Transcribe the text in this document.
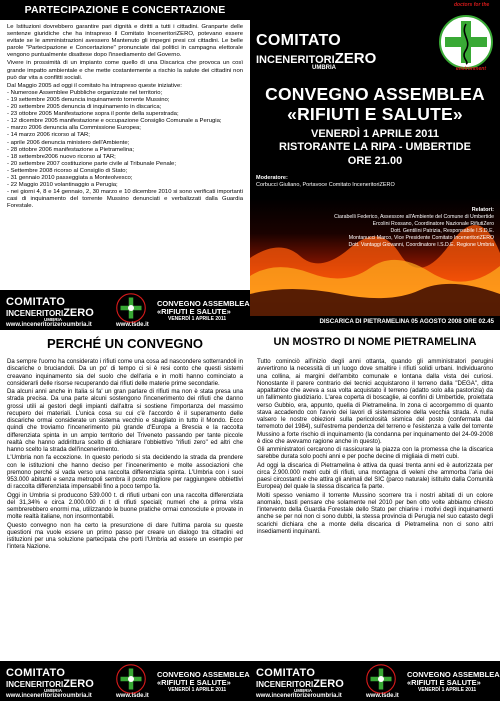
PARTECIPAZIONE E CONCERTAZIONE

Le Istituzioni dovrebbero garantire pari dignità e diritti a tutti i cittadini. Granparte delle sentenze giuridiche che ha intrapreso il Comitato InceneritoriZERO, potevano essere evitate se le amministrazioni avessero Mantenuto gli impegni presi coi cittadini. Le belle parole "Partecipazione e Concertazione" pronunciate dai politici in campagna elettorale vengono puntualmente disattese dopo l'insediamento del Governo.

Vivere in prossimità di un impianto come quello di una Discarica che provoca un così grande impatto ambientale e che mette costantemente a rischio la salute dei cittadini non può dar vita a conflitti sociali.

Dal Maggio 2005 ad oggi il comitato ha intrapreso queste iniziative:

- Numerose Assemblee Pubbliche organizzate nel territorio;
- 19 settembre 2005 denuncia inquinamento torrente Mussino;
- 20 settembre 2005 denuncia di inquinamento in discarica;
- 23 ottobre 2005 Manifestazione sopra il ponte della superstrada;
- 12 dicembre 2005 manifestazione e occupazione Consiglio Comunale a Perugia;
- marzo 2006 denuncia alla Commissione Europea;
- 14 marzo 2006 ricorso al TAR;
- aprile 2006 denuncia ministero dell'Ambiente;
- 28 ottobre 2006 manifestazione a Pietramelina;
- 18 settembre2006 nuovo ricorso al TAR;
- 20 settembre 2007 costituzione parte civile al Tribunale Penale;
- Settembre 2008 ricorso al Consiglio di Stato;
- 31 gennaio 2010 passeggiata a Monteolvesco;
- 22 Maggio 2010 volantinaggio a Perugia;
- nei giorni 4, 8 e 14 gennaio, 2, 30 marzo e 10 dicembre 2010 si sono verificati importanti casi di inquinamento del torrente Mussino denunciati e verbalizzati dalla Guardia Forestale.
COMITATO
INCENERITORIZERO
UMBRIA
www.inceneritorizeroumbria.it	www.isde.it
CONVEGNO ASSEMBLEA
«RIFIUTI E SALUTE»
VENERDÌ 1 APRILE 2011
COMITATO
INCENERITORIZERO
UMBRIA
doctors for the
environment
CONVEGNO ASSEMBLEA
«RIFIUTI E SALUTE»
VENERDÌ 1 APRILE 2011
RISTORANTE LA RIPA - UMBERTIDE
ORE 21.00
Moderatore:
Corbucci Giuliano, Portavoce Comitato InceneritoriZERO
Relatori:
Ciarabelli Federico, Assessore all'Ambiente del Comune di Umbertide
Ercolini Rossano, Coordinatore Nazionale RifiutiZero
Dott. Gentilini Patrizia, Responsabile I.S.D.E.
Montanucci Marco, Vice Presidente Comitato InceneritoriZERO
Dott. Vantaggi Giovanni, Coordinatore I.S.D.E. Regione Umbria
DISCARICA DI PIETRAMELINA 05 AGOSTO 2008 ORE 02.45
PERCHÉ UN CONVEGNO

Da sempre l'uomo ha considerato i rifiuti come una cosa ad nascondere sotterrandoli in discariche o bruciandoli. Da un po' di tempo ci si è resi conto che questi sistemi creavano inquinamento sia del suolo che dell'aria e in molti hanno cominciato a considerarli delle risorse recuperando dai rifiuti delle materie prime secondarie.

Da alcuni anni anche in Italia si fa' un gran parlare di rifiuti ma non è stata presa una strada precisa. Da una parte alcuni sostengono l'incenerimento dei rifiuti che danno grossi utili ai gestori degli impianti dall'altra si sostiene l'importanza del massimo recupero dei materiali. L'unica cosa su cui c'è l'accordo è il superamento delle discariche ormai considerate un sistema vecchio e sbagliato in tutto il Mondo. Ecco quindi che troviamo l'incenerimento più grande d'Europa a Brescia e la raccolta differenziata spinta in un ampio territorio del Triveneto passando per tante piccole realtà che hanno addirittura scelto di dichiarare l'obbiettivo "rifiuti zero" ed altri che hanno scelto la strada dell'incenerimento.

L'Umbria non fa eccezione. In questo periodo si sta decidendo la strada da prendere con le istituzioni che hanno deciso per l'incenerimento e molte associazioni che premono perché si vada verso una raccolta differenziata spinta. L'Umbria con i suoi 953.000 abitanti e senza metropoli sembra il posto migliore per raggiungere obbiettivi di raccolta differenziata impensabili fino a poco tempo fa.

Oggi in Umbria si producono 539.000 t. di rifiuti urbani con una raccolta differenziata del 31,34% e circa 2.000.000 di t di rifiuti speciali; numeri che a prima vista sembrerebbero enormi ma, utilizzando le buone pratiche ormai conosciute e provate in molte realtà italiane, non insormontabili.

Questo convegno non ha certo la presunzione di dare l'ultima parola su queste questioni ma vuole essere un primo passo per creare un dialogo tra cittadini ed istituzioni per una soluzione partecipata che porti l'Umbria ad essere un esempio per l'intera Nazione.

COMITATO
INCENERITORIZERO
UMBRIA
www.inceneritorizeroumbria.it	www.isde.it
CONVEGNO ASSEMBLEA
«RIFIUTI E SALUTE»
VENERDÌ 1 APRILE 2011
UN MOSTRO DI NOME PIETRAMELINA

Tutto cominciò all'inizio degli anni ottanta, quando gli amministratori perugini avvertirono la necessità di un luogo dove smaltire i rifiuti solidi urbani. Individuarono una collina, ai margini dell'ambito comunale e lontana dalla vista dei curiosi. Nonostante il parere contrario dei tecnici acquistarono il terreno dalla "DEGA", ditta appaltatrice che aveva a sua volta acquistato il terreno (adatto solo alla pastorizia) da un fallimento giudiziario. L'area coperta di boscaglie, ai confini di Umbertide, proiettata verso Gubbio, era, appunto, quella di Pietramelina. In zona ci accorgemmo di quanto stava accadendo con l'avvio dei lavori di sistemazione della vecchia strada. A nulla valsero le nostre obiezioni sulla pericolosità sismica del posto (confermata dal terremoto del 1984), sull'estrema pendenza del terreno e l'esistenza a valle del torrente Mussino a forte rischio di inquinamento (la condanna per inquinamento del 24-09-2008 è dice che avevamo ragione anche in questo).

Gli amministratori cercarono di rassicurare la piazza con la promessa che la discarica sarebbe durata solo pochi anni e per poche decine di migliaia di metri cubi.

Ad oggi la discarica di Pietramelina è attiva da quasi trenta anni ed è autorizzata per circa 2.900.000 metri cubi di rifiuti, una montagna di veleni che ammorba l'aria dei paesi circostanti e che attira gli animali del SIC (parco naturale) istituito dalla Comunità Europea) del quale la stessa discarica fa parte.

Molti spesso veniamo il torrente Mussino scorrere tra i nostri abitati di un colore anomalo, basti pensare che solamente nel 2010 per ben otto volte abbiamo chiesto l'intervento della Guardia Forestale dello Stato per chiarire i motivi degli inquinamenti anche se per noi non ci sono dubbi, la stessa provincia di Perugia nel suo catasto degli scarichi dichiara che a monte della discarica di Pietramelina non ci sono altri insediamenti inquinanti.

COMITATO
INCENERITORIZERO
UMBRIA
www.inceneritorizeroumbria.it	www.isde.it
CONVEGNO ASSEMBLEA
«RIFIUTI E SALUTE»
VENERDÌ 1 APRILE 2011
